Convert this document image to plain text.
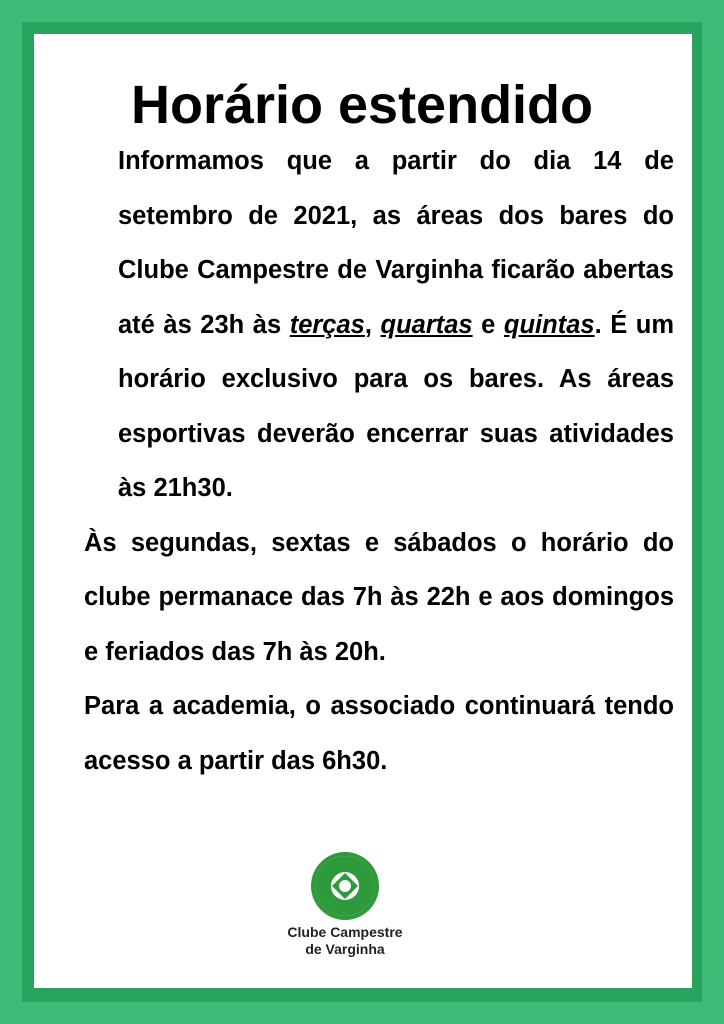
Horário estendido

Informamos que a partir do dia 14 de setembro de 2021, as áreas dos bares do Clube Campestre de Varginha ficarão abertas até às 23h às terças, quartas e quintas. É um horário exclusivo para os bares. As áreas esportivas deverão encerrar suas atividades às 21h30.

Às segundas, sextas e sábados o horário do clube permanace das 7h às 22h e aos domingos e feriados das 7h às 20h.

Para a academia, o associado continuará tendo acesso a partir das 6h30.

Clube Campestre
de Varginha
